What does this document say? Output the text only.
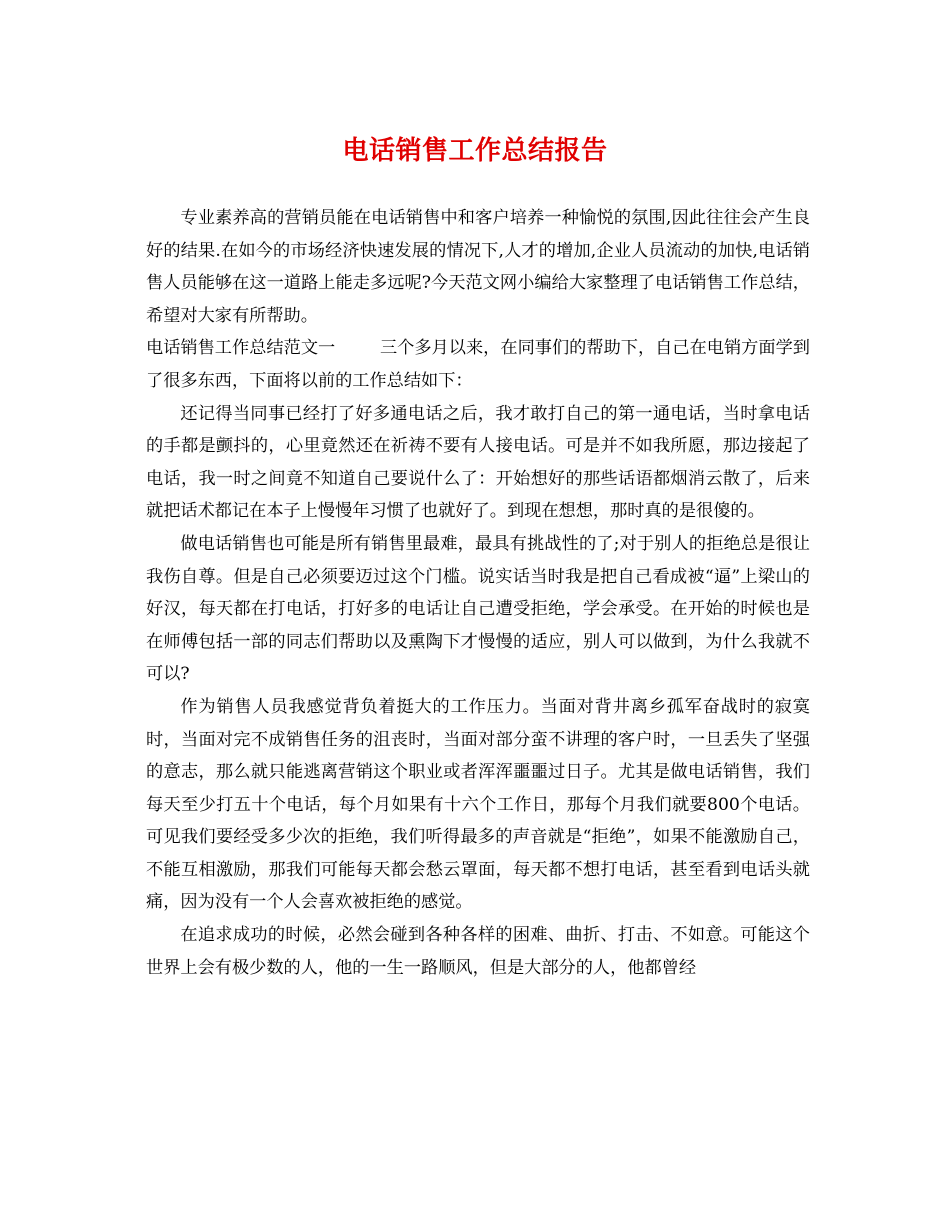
电话销售工作总结报告

专业素养高的营销员能在电话销售中和客户培养一种愉悦的氛围,因此往往会产生良好的结果.在如今的市场经济快速发展的情况下,人才的增加,企业人员流动的加快,电话销售人员能够在这一道路上能走多远呢?今天范文网小编给大家整理了电话销售工作总结，希望对大家有所帮助。

电话销售工作总结范文一	三个多月以来，在同事们的帮助下，自己在电销方面学到了很多东西，下面将以前的工作总结如下：

还记得当同事已经打了好多通电话之后，我才敢打自己的第一通电话，当时拿电话的手都是颤抖的，心里竟然还在祈祷不要有人接电话。可是并不如我所愿，那边接起了电话，我一时之间竟不知道自己要说什么了：开始想好的那些话语都烟消云散了，后来就把话术都记在本子上慢慢年习惯了也就好了。到现在想想，那时真的是很傻的。

做电话销售也可能是所有销售里最难，最具有挑战性的了;对于别人的拒绝总是很让我伤自尊。但是自己必须要迈过这个门槛。说实话当时我是把自己看成被“逼”上梁山的好汉，每天都在打电话，打好多的电话让自己遭受拒绝，学会承受。在开始的时候也是在师傅包括一部的同志们帮助以及熏陶下才慢慢的适应，别人可以做到，为什么我就不可以?

作为销售人员我感觉背负着挺大的工作压力。当面对背井离乡孤军奋战时的寂寞时，当面对完不成销售任务的沮丧时，当面对部分蛮不讲理的客户时，一旦丢失了坚强的意志，那么就只能逃离营销这个职业或者浑浑噩噩过日子。尤其是做电话销售，我们每天至少打五十个电话，每个月如果有十六个工作日，那每个月我们就要800个电话。可见我们要经受多少次的拒绝，我们听得最多的声音就是“拒绝”，如果不能激励自己，不能互相激励，那我们可能每天都会愁云罩面，每天都不想打电话，甚至看到电话头就痛，因为没有一个人会喜欢被拒绝的感觉。

在追求成功的时候，必然会碰到各种各样的困难、曲折、打击、不如意。可能这个世界上会有极少数的人，他的一生一路顺风，但是大部分的人，他都曾经
